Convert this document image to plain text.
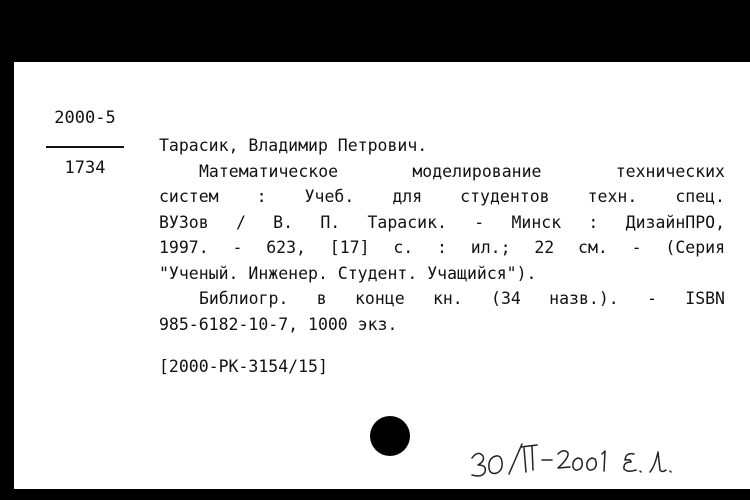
2000-5
1734
Тарасик, Владимир Петрович.
Математическое моделирование технических
систем : Учеб. для студентов техн. спец.
ВУЗов / В. П. Тарасик. - Минск : ДизайнПРО,
1997. - 623, [17] с. : ил.; 22 см. - (Серия
"Ученый. Инженер. Студент. Учащийся").
Библиогр. в конце кн. (34 назв.). - ISBN
985-6182-10-7, 1000 экз.
[2000-PK-3154/15]
